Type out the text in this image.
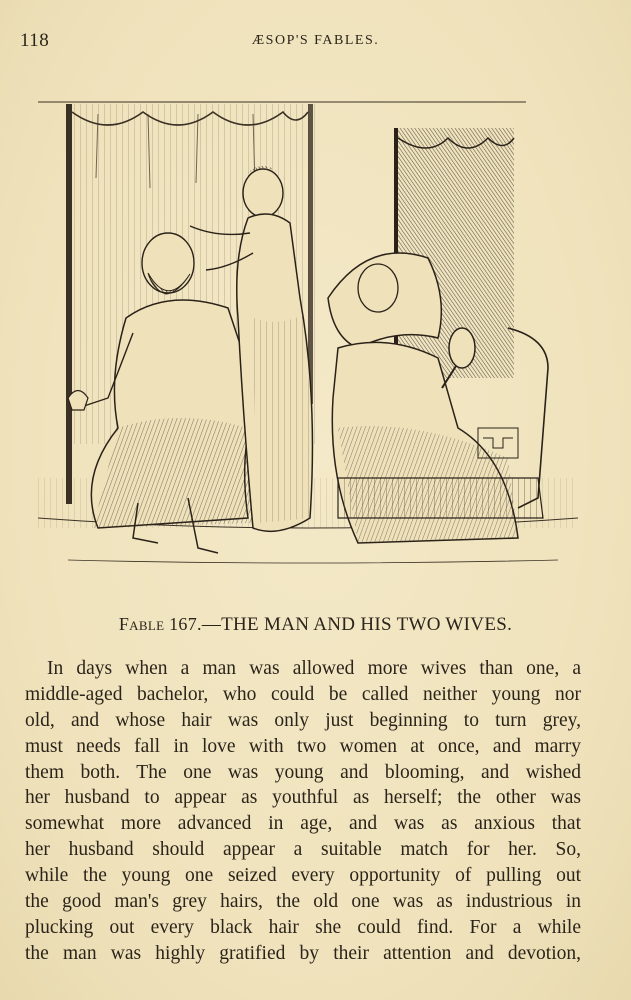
118	ÆSOP'S FABLES.
Fable 167.—THE MAN AND HIS TWO WIVES.
In days when a man was allowed more wives than one, a
middle-aged bachelor, who could be called neither young nor
old, and whose hair was only just beginning to turn grey,
must needs fall in love with two women at once, and marry
them both. The one was young and blooming, and wished
her husband to appear as youthful as herself; the other was
somewhat more advanced in age, and was as anxious that
her husband should appear a suitable match for her. So,
while the young one seized every opportunity of pulling out
the good man's grey hairs, the old one was as industrious in
plucking out every black hair she could find. For a while
the man was highly gratified by their attention and devotion,
